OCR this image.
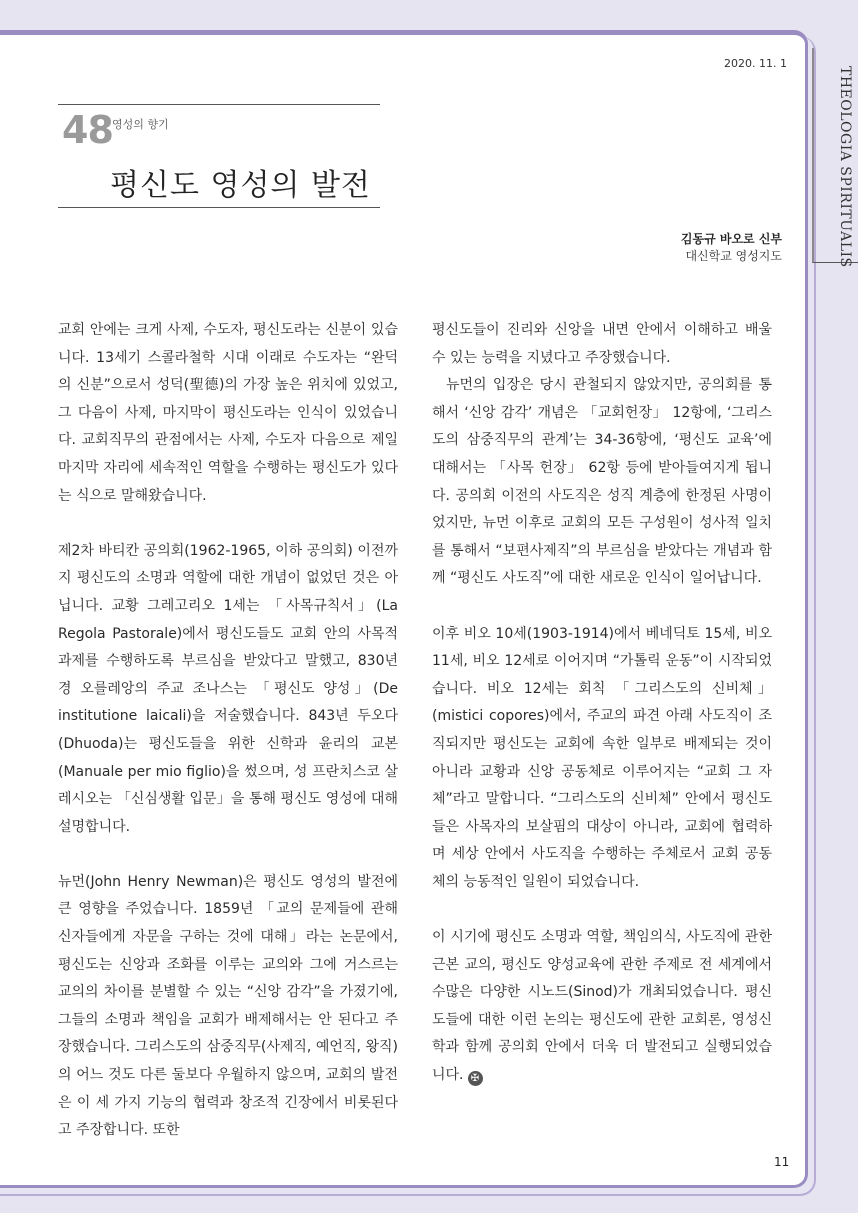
THEOLOGIA SPIRITUALIS
2020. 11. 1
48 영성의 향기
평신도 영성의 발전
김동규 바오로 신부
대신학교 영성지도

교회 안에는 크게 사제, 수도자, 평신도라는 신분이 있습니다. 13세기 스콜라철학 시대 이래로 수도자는 “완덕의 신분”으로서 성덕(聖德)의 가장 높은 위치에 있었고, 그 다음이 사제, 마지막이 평신도라는 인식이 있었습니다. 교회직무의 관점에서는 사제, 수도자 다음으로 제일 마지막 자리에 세속적인 역할을 수행하는 평신도가 있다는 식으로 말해왔습니다.

제2차 바티칸 공의회(1962-1965, 이하 공의회) 이전까지 평신도의 소명과 역할에 대한 개념이 없었던 것은 아닙니다. 교황 그레고리오 1세는 「사목규칙서」(La Regola Pastorale)에서 평신도들도 교회 안의 사목적 과제를 수행하도록 부르심을 받았다고 말했고, 830년 경 오를레앙의 주교 조나스는 「평신도 양성」(De institutione laicali)을 저술했습니다. 843년 두오다(Dhuoda)는 평신도들을 위한 신학과 윤리의 교본(Manuale per mio figlio)을 썼으며, 성 프란치스코 살레시오는 「신심생활 입문」을 통해 평신도 영성에 대해 설명합니다.

뉴먼(John Henry Newman)은 평신도 영성의 발전에 큰 영향을 주었습니다. 1859년 「교의 문제들에 관해 신자들에게 자문을 구하는 것에 대해」라는 논문에서, 평신도는 신앙과 조화를 이루는 교의와 그에 거스르는 교의의 차이를 분별할 수 있는 “신앙 감각”을 가졌기에, 그들의 소명과 책임을 교회가 배제해서는 안 된다고 주장했습니다. 그리스도의 삼중직무(사제직, 예언직, 왕직)의 어느 것도 다른 둘보다 우월하지 않으며, 교회의 발전은 이 세 가지 기능의 협력과 창조적 긴장에서 비롯된다고 주장합니다. 또한

평신도들이 진리와 신앙을 내면 안에서 이해하고 배울 수 있는 능력을 지녔다고 주장했습니다.

뉴먼의 입장은 당시 관철되지 않았지만, 공의회를 통해서 ‘신앙 감각’ 개념은 「교회헌장」 12항에, ‘그리스도의 삼중직무의 관계’는 34-36항에, ‘평신도 교육’에 대해서는 「사목 헌장」 62항 등에 받아들여지게 됩니다. 공의회 이전의 사도직은 성직 계층에 한정된 사명이었지만, 뉴먼 이후로 교회의 모든 구성원이 성사적 일치를 통해서 “보편사제직”의 부르심을 받았다는 개념과 함께 “평신도 사도직”에 대한 새로운 인식이 일어납니다.

이후 비오 10세(1903-1914)에서 베네딕토 15세, 비오 11세, 비오 12세로 이어지며 “가톨릭 운동”이 시작되었습니다. 비오 12세는 회칙 「그리스도의 신비체」(mistici copores)에서, 주교의 파견 아래 사도직이 조직되지만 평신도는 교회에 속한 일부로 배제되는 것이 아니라 교황과 신앙 공동체로 이루어지는 “교회 그 자체”라고 말합니다. “그리스도의 신비체” 안에서 평신도들은 사목자의 보살핌의 대상이 아니라, 교회에 협력하며 세상 안에서 사도직을 수행하는 주체로서 교회 공동체의 능동적인 일원이 되었습니다.

이 시기에 평신도 소명과 역할, 책임의식, 사도직에 관한 근본 교의, 평신도 양성교육에 관한 주제로 전 세계에서 수많은 다양한 시노드(Sinod)가 개최되었습니다. 평신도들에 대한 이런 논의는 평신도에 관한 교회론, 영성신학과 함께 공의회 안에서 더욱 더 발전되고 실행되었습니다. ✠

11
